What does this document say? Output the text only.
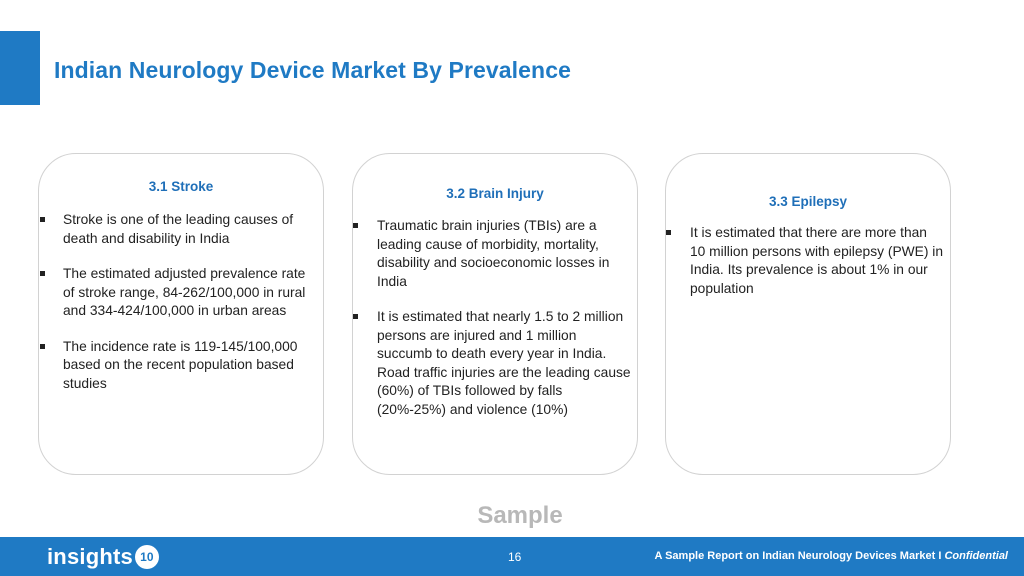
Indian Neurology Device Market By Prevalence
3.1 Stroke
Stroke is one of the leading causes of death and disability in India
The estimated adjusted prevalence rate of stroke range, 84-262/100,000 in rural and 334-424/100,000 in urban areas
The incidence rate is 119-145/100,000 based on the recent population based studies
3.2 Brain Injury
Traumatic brain injuries (TBIs) are a leading cause of morbidity, mortality, disability and socioeconomic losses in India
It is estimated that nearly 1.5 to 2 million persons are injured and 1 million succumb to death every year in India. Road traffic injuries are the leading cause (60%) of TBIs followed by falls (20%-25%) and violence (10%)
3.3 Epilepsy
It is estimated that there are more than 10 million persons with epilepsy (PWE) in India. Its prevalence is about 1% in our population
Sample
insights 10	16	A Sample Report on Indian Neurology Devices Market I Confidential
